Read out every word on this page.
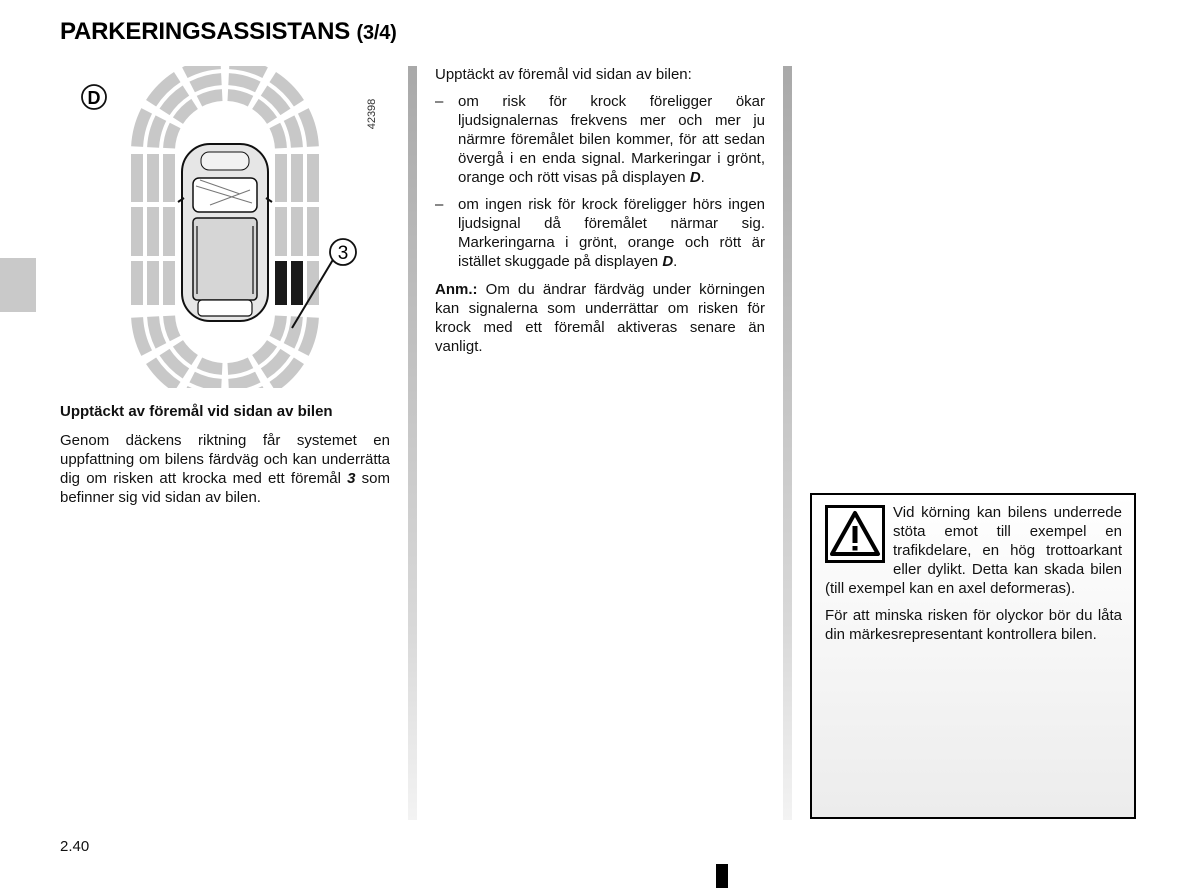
PARKERINGSASSISTANS (3/4)
3
D
42398
Upptäckt av föremål vid sidan av bilen

Genom däckens riktning får systemet en uppfattning om bilens färdväg och kan underrätta dig om risken att krocka med ett föremål 3 som befinner sig vid sidan av bilen.

Upptäckt av föremål vid sidan av bilen:

– om risk för krock föreligger ökar ljudsignalernas frekvens mer och mer ju närmre föremålet bilen kommer, för att sedan övergå i en enda signal. Markeringar i grönt, orange och rött visas på displayen D.
– om ingen risk för krock föreligger hörs ingen ljudsignal då föremålet närmar sig. Markeringarna i grönt, orange och rött är istället skuggade på displayen D.

Anm.: Om du ändrar färdväg under körningen kan signalerna som underrättar om risken för krock med ett föremål aktiveras senare än vanligt.

Vid körning kan bilens underrede stöta emot till exempel en trafikdelare, en hög trottoarkant eller dylikt. Detta kan skada bilen (till exempel kan en axel deformeras).

För att minska risken för olyckor bör du låta din märkesrepresentant kontrollera bilen.

2.40
